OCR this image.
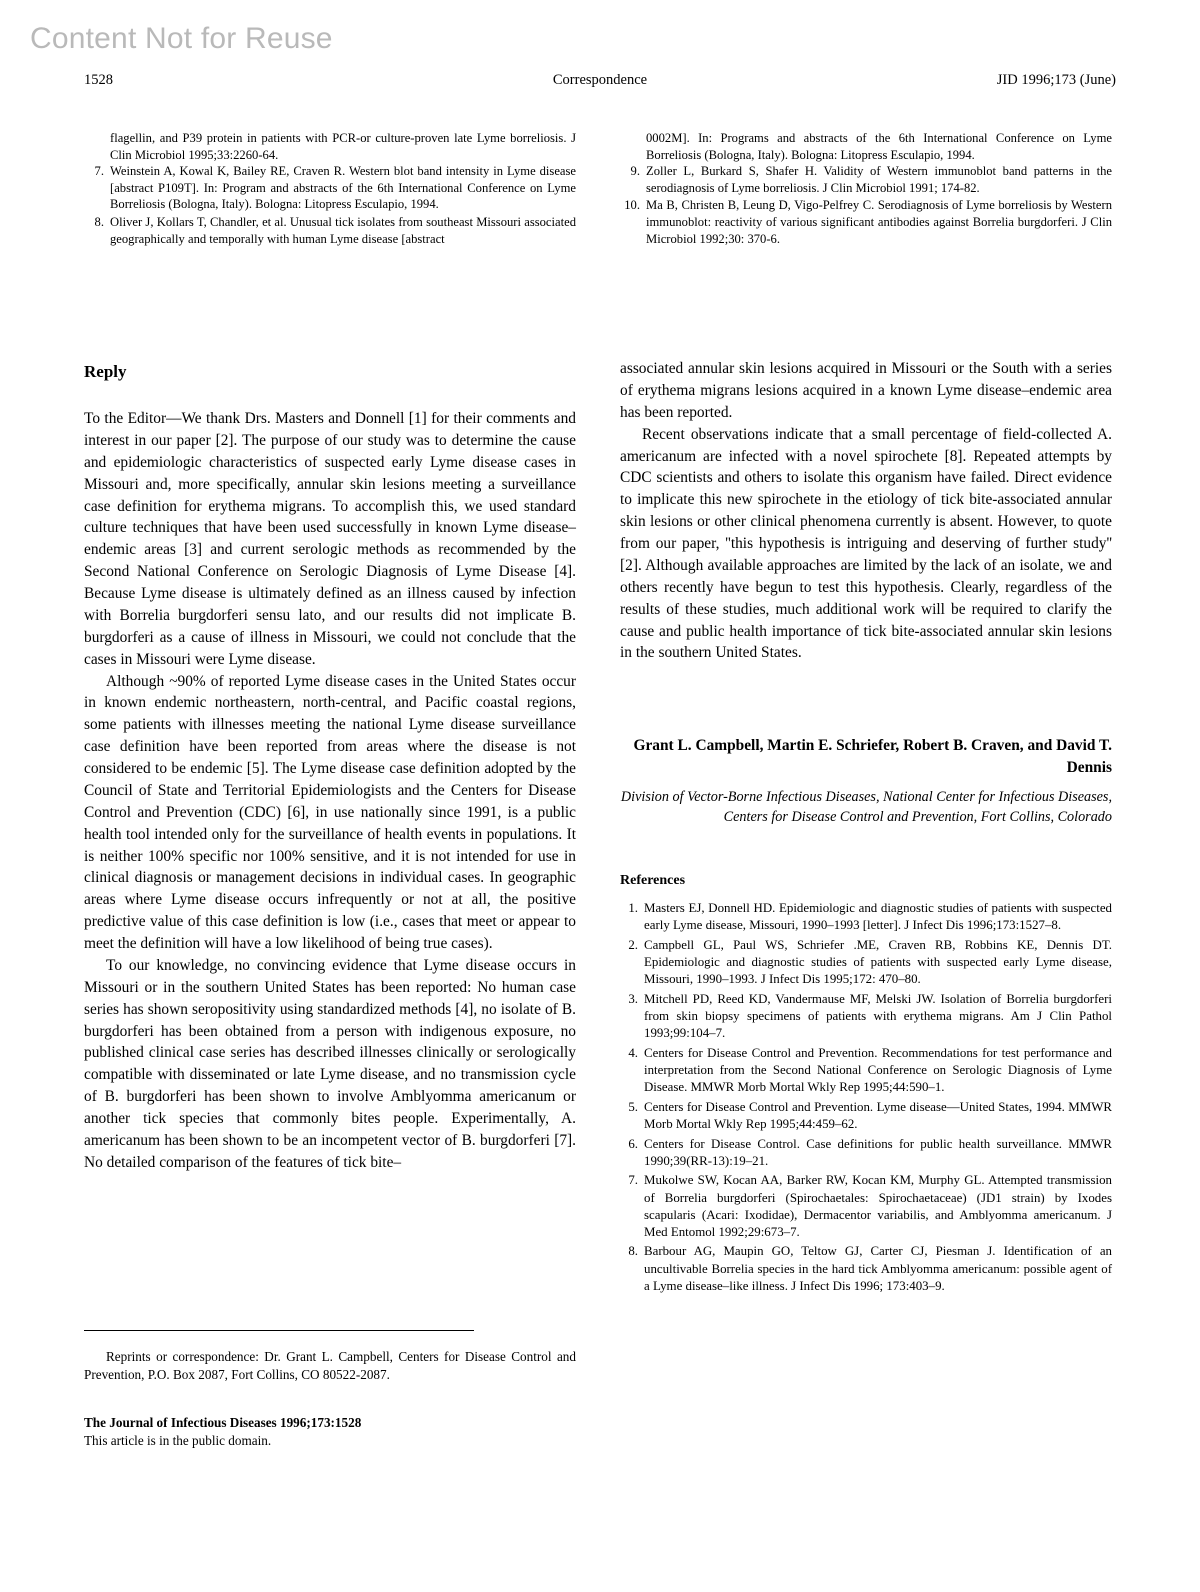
Content Not for Reuse
1528	Correspondence	JID 1996;173 (June)
flagellin, and P39 protein in patients with PCR-or culture-proven late Lyme borreliosis. J Clin Microbiol 1995;33:2260-64.
7. Weinstein A, Kowal K, Bailey RE, Craven R. Western blot band intensity in Lyme disease [abstract P109T]. In: Program and abstracts of the 6th International Conference on Lyme Borreliosis (Bologna, Italy). Bologna: Litopress Esculapio, 1994.
8. Oliver J, Kollars T, Chandler, et al. Unusual tick isolates from southeast Missouri associated geographically and temporally with human Lyme disease [abstract
0002M]. In: Programs and abstracts of the 6th International Conference on Lyme Borreliosis (Bologna, Italy). Bologna: Litopress Esculapio, 1994.
9. Zoller L, Burkard S, Shafer H. Validity of Western immunoblot band patterns in the serodiagnosis of Lyme borreliosis. J Clin Microbiol 1991; 174-82.
10. Ma B, Christen B, Leung D, Vigo-Pelfrey C. Serodiagnosis of Lyme borreliosis by Western immunoblot: reactivity of various significant antibodies against Borrelia burgdorferi. J Clin Microbiol 1992;30: 370-6.
Reply

To the Editor—We thank Drs. Masters and Donnell [1] for their comments and interest in our paper [2]. The purpose of our study was to determine the cause and epidemiologic characteristics of suspected early Lyme disease cases in Missouri and, more specifically, annular skin lesions meeting a surveillance case definition for erythema migrans. To accomplish this, we used standard culture techniques that have been used successfully in known Lyme disease–endemic areas [3] and current serologic methods as recommended by the Second National Conference on Serologic Diagnosis of Lyme Disease [4]. Because Lyme disease is ultimately defined as an illness caused by infection with Borrelia burgdorferi sensu lato, and our results did not implicate B. burgdorferi as a cause of illness in Missouri, we could not conclude that the cases in Missouri were Lyme disease.

Although ~90% of reported Lyme disease cases in the United States occur in known endemic northeastern, north-central, and Pacific coastal regions, some patients with illnesses meeting the national Lyme disease surveillance case definition have been reported from areas where the disease is not considered to be endemic [5]. The Lyme disease case definition adopted by the Council of State and Territorial Epidemiologists and the Centers for Disease Control and Prevention (CDC) [6], in use nationally since 1991, is a public health tool intended only for the surveillance of health events in populations. It is neither 100% specific nor 100% sensitive, and it is not intended for use in clinical diagnosis or management decisions in individual cases. In geographic areas where Lyme disease occurs infrequently or not at all, the positive predictive value of this case definition is low (i.e., cases that meet or appear to meet the definition will have a low likelihood of being true cases).

To our knowledge, no convincing evidence that Lyme disease occurs in Missouri or in the southern United States has been reported: No human case series has shown seropositivity using standardized methods [4], no isolate of B. burgdorferi has been obtained from a person with indigenous exposure, no published clinical case series has described illnesses clinically or serologically compatible with disseminated or late Lyme disease, and no transmission cycle of B. burgdorferi has been shown to involve Amblyomma americanum or another tick species that commonly bites people. Experimentally, A. americanum has been shown to be an incompetent vector of B. burgdorferi [7]. No detailed comparison of the features of tick bite–

associated annular skin lesions acquired in Missouri or the South with a series of erythema migrans lesions acquired in a known Lyme disease–endemic area has been reported.

Recent observations indicate that a small percentage of field-collected A. americanum are infected with a novel spirochete [8]. Repeated attempts by CDC scientists and others to isolate this organism have failed. Direct evidence to implicate this new spirochete in the etiology of tick bite-associated annular skin lesions or other clinical phenomena currently is absent. However, to quote from our paper, ''this hypothesis is intriguing and deserving of further study'' [2]. Although available approaches are limited by the lack of an isolate, we and others recently have begun to test this hypothesis. Clearly, regardless of the results of these studies, much additional work will be required to clarify the cause and public health importance of tick bite-associated annular skin lesions in the southern United States.

Grant L. Campbell, Martin E. Schriefer, Robert B. Craven, and David T. Dennis
Division of Vector-Borne Infectious Diseases, National Center for Infectious Diseases, Centers for Disease Control and Prevention, Fort Collins, Colorado
References
1. Masters EJ, Donnell HD. Epidemiologic and diagnostic studies of patients with suspected early Lyme disease, Missouri, 1990–1993 [letter]. J Infect Dis 1996;173:1527–8.
2. Campbell GL, Paul WS, Schriefer .ME, Craven RB, Robbins KE, Dennis DT. Epidemiologic and diagnostic studies of patients with suspected early Lyme disease, Missouri, 1990–1993. J Infect Dis 1995;172: 470–80.
3. Mitchell PD, Reed KD, Vandermause MF, Melski JW. Isolation of Borrelia burgdorferi from skin biopsy specimens of patients with erythema migrans. Am J Clin Pathol 1993;99:104–7.
4. Centers for Disease Control and Prevention. Recommendations for test performance and interpretation from the Second National Conference on Serologic Diagnosis of Lyme Disease. MMWR Morb Mortal Wkly Rep 1995;44:590–1.
5. Centers for Disease Control and Prevention. Lyme disease—United States, 1994. MMWR Morb Mortal Wkly Rep 1995;44:459–62.
6. Centers for Disease Control. Case definitions for public health surveillance. MMWR 1990;39(RR-13):19–21.
7. Mukolwe SW, Kocan AA, Barker RW, Kocan KM, Murphy GL. Attempted transmission of Borrelia burgdorferi (Spirochaetales: Spirochaetaceae) (JD1 strain) by Ixodes scapularis (Acari: Ixodidae), Dermacentor variabilis, and Amblyomma americanum. J Med Entomol 1992;29:673–7.
8. Barbour AG, Maupin GO, Teltow GJ, Carter CJ, Piesman J. Identification of an uncultivable Borrelia species in the hard tick Amblyomma americanum: possible agent of a Lyme disease–like illness. J Infect Dis 1996; 173:403–9.

Reprints or correspondence: Dr. Grant L. Campbell, Centers for Disease Control and Prevention, P.O. Box 2087, Fort Collins, CO 80522-2087.

The Journal of Infectious Diseases 1996;173:1528
This article is in the public domain.
